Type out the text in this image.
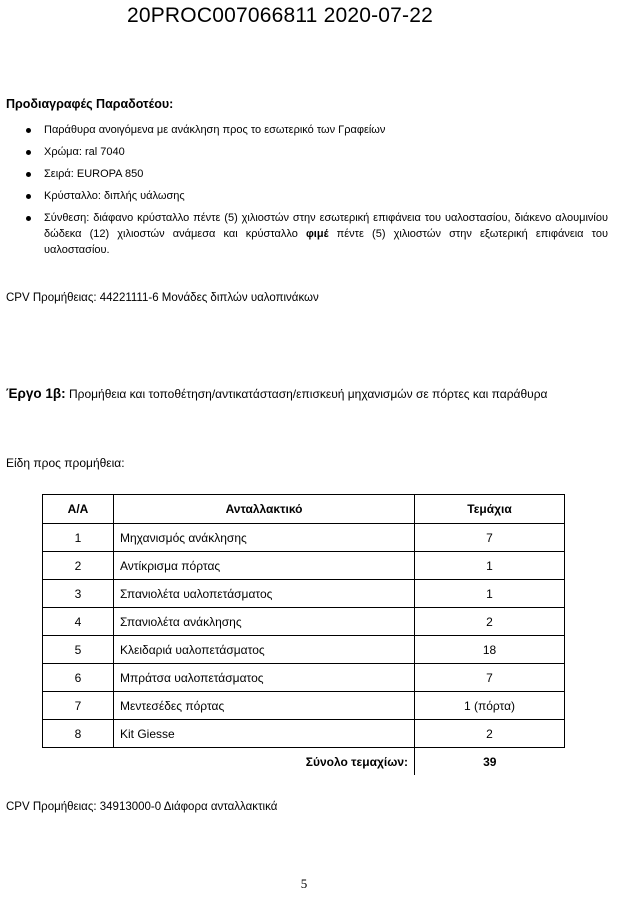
20PROC007066811 2020-07-22
Προδιαγραφές Παραδοτέου:
Παράθυρα ανοιγόμενα με ανάκληση προς το εσωτερικό των Γραφείων
Χρώμα: ral 7040
Σειρά: EUROPA 850
Κρύσταλλο: διπλής υάλωσης
Σύνθεση: διάφανο κρύσταλλο πέντε (5) χιλιοστών στην εσωτερική επιφάνεια του υαλοστασίου, διάκενο αλουμινίου δώδεκα (12) χιλιοστών ανάμεσα και κρύσταλλο φιμέ πέντε (5) χιλιοστών στην εξωτερική επιφάνεια του υαλοστασίου.
CPV Προμήθειας: 44221111-6 Μονάδες διπλών υαλοπινάκων
Έργο 1β: Προμήθεια και τοποθέτηση/αντικατάσταση/επισκευή μηχανισμών σε πόρτες και παράθυρα
Είδη προς προμήθεια:
Α/Α	Ανταλλακτικό	Τεμάχια
1	Μηχανισμός ανάκλησης	7
2	Αντίκρισμα πόρτας	1
3	Σπανιολέτα υαλοπετάσματος	1
4	Σπανιολέτα ανάκλησης	2
5	Κλειδαριά υαλοπετάσματος	18
6	Μπράτσα υαλοπετάσματος	7
7	Μεντεσέδες πόρτας	1 (πόρτα)
8	Kit Giesse	2
	Σύνολο τεμαχίων:	39
CPV Προμήθειας: 34913000-0 Διάφορα ανταλλακτικά
5
